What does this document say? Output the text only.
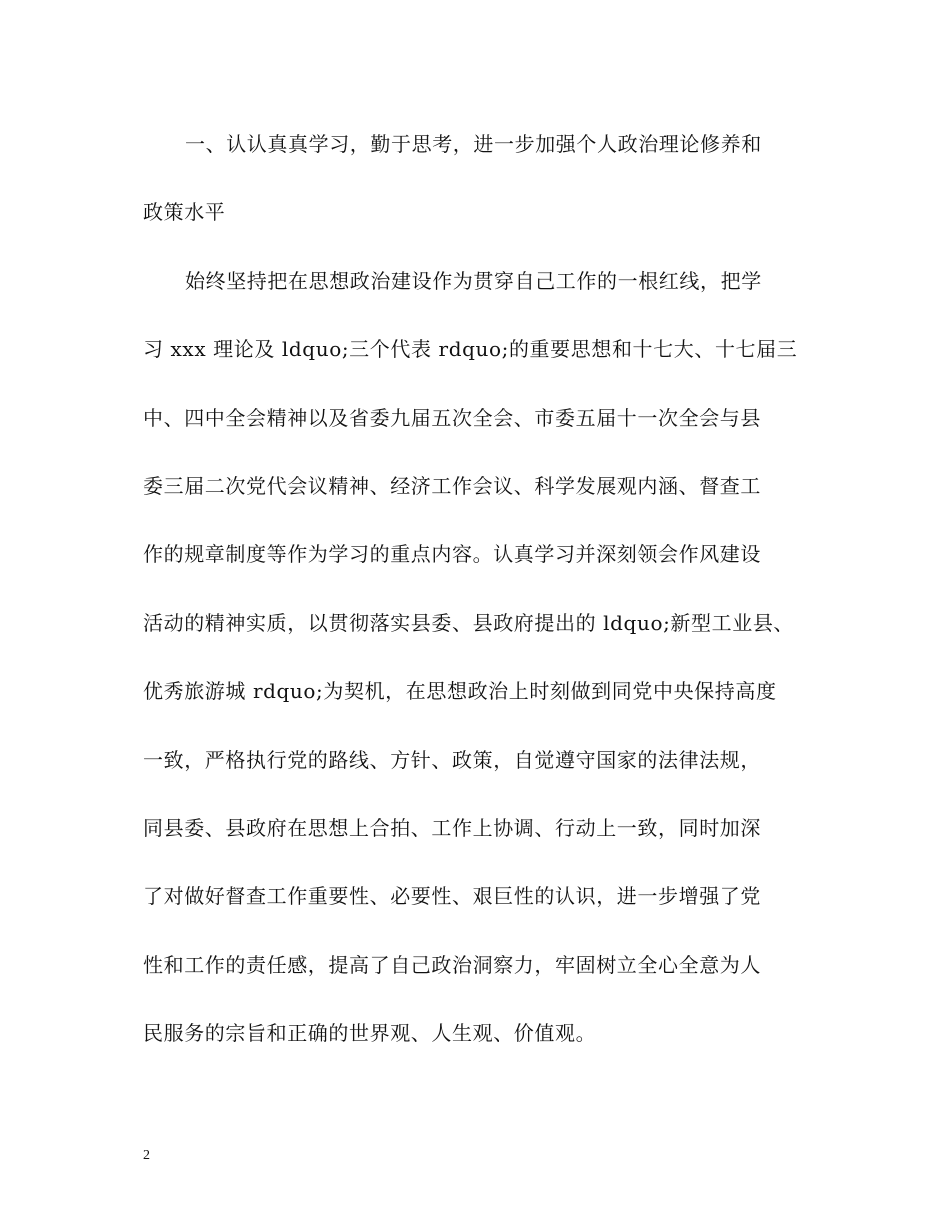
一、认认真真学习，勤于思考，进一步加强个人政治理论修养和
政策水平
始终坚持把在思想政治建设作为贯穿自己工作的一根红线，把学
习 xxx 理论及 ldquo;三个代表 rdquo;的重要思想和十七大、十七届三
中、四中全会精神以及省委九届五次全会、市委五届十一次全会与县
委三届二次党代会议精神、经济工作会议、科学发展观内涵、督查工
作的规章制度等作为学习的重点内容。认真学习并深刻领会作风建设
活动的精神实质，以贯彻落实县委、县政府提出的 ldquo;新型工业县、
优秀旅游城 rdquo;为契机，在思想政治上时刻做到同党中央保持高度
一致，严格执行党的路线、方针、政策，自觉遵守国家的法律法规，
同县委、县政府在思想上合拍、工作上协调、行动上一致，同时加深
了对做好督查工作重要性、必要性、艰巨性的认识，进一步增强了党
性和工作的责任感，提高了自己政治洞察力，牢固树立全心全意为人
民服务的宗旨和正确的世界观、人生观、价值观。
2
